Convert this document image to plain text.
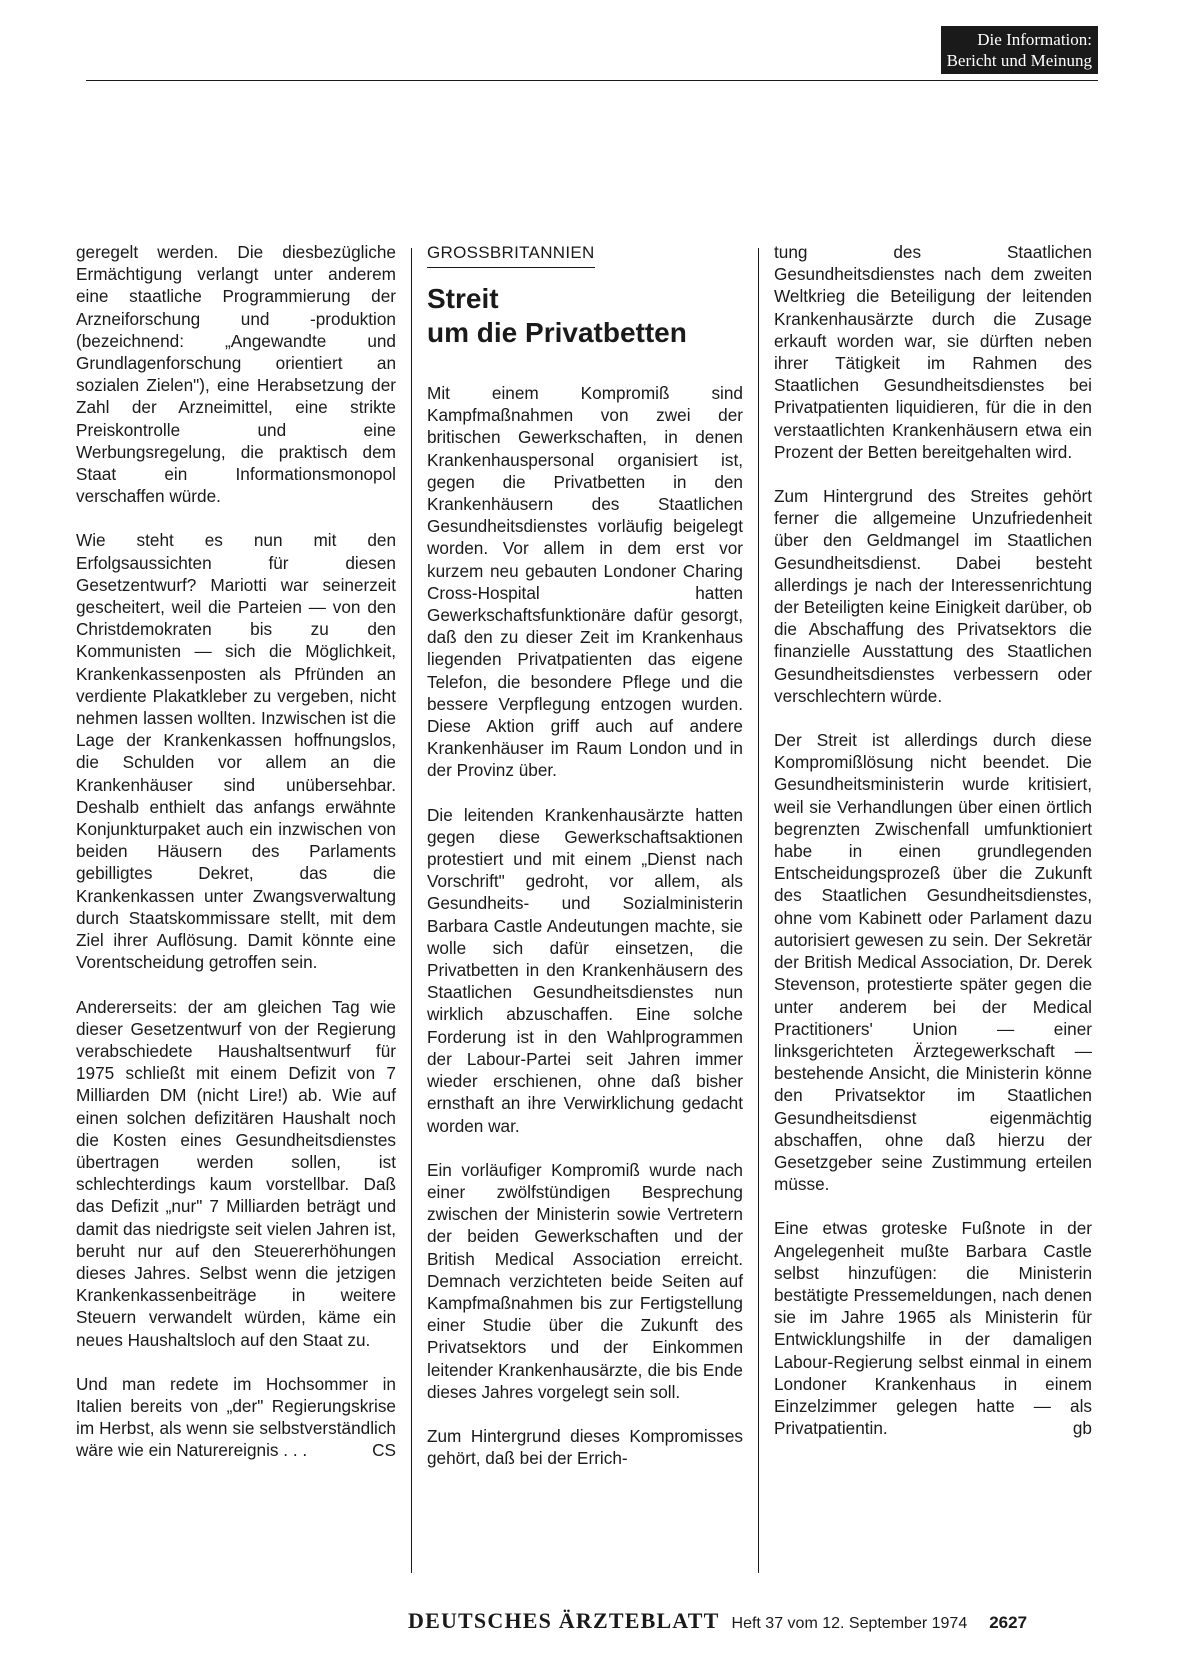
Die Information:
Bericht und Meinung

geregelt werden. Die diesbezügliche Ermächtigung verlangt unter anderem eine staatliche Programmierung der Arzneiforschung und -produktion (bezeichnend: „Angewandte und Grundlagenforschung orientiert an sozialen Zielen"), eine Herabsetzung der Zahl der Arzneimittel, eine strikte Preiskontrolle und eine Werbungsregelung, die praktisch dem Staat ein Informationsmonopol verschaffen würde.

Wie steht es nun mit den Erfolgsaussichten für diesen Gesetzentwurf? Mariotti war seinerzeit gescheitert, weil die Parteien — von den Christdemokraten bis zu den Kommunisten — sich die Möglichkeit, Krankenkassenposten als Pfründen an verdiente Plakatkleber zu vergeben, nicht nehmen lassen wollten. Inzwischen ist die Lage der Krankenkassen hoffnungslos, die Schulden vor allem an die Krankenhäuser sind unübersehbar. Deshalb enthielt das anfangs erwähnte Konjunkturpaket auch ein inzwischen von beiden Häusern des Parlaments gebilligtes Dekret, das die Krankenkassen unter Zwangsverwaltung durch Staatskommissare stellt, mit dem Ziel ihrer Auflösung. Damit könnte eine Vorentscheidung getroffen sein.

Andererseits: der am gleichen Tag wie dieser Gesetzentwurf von der Regierung verabschiedete Haushaltsentwurf für 1975 schließt mit einem Defizit von 7 Milliarden DM (nicht Lire!) ab. Wie auf einen solchen defizitären Haushalt noch die Kosten eines Gesundheitsdienstes übertragen werden sollen, ist schlechterdings kaum vorstellbar. Daß das Defizit „nur" 7 Milliarden beträgt und damit das niedrigste seit vielen Jahren ist, beruht nur auf den Steuererhöhungen dieses Jahres. Selbst wenn die jetzigen Krankenkassenbeiträge in weitere Steuern verwandelt würden, käme ein neues Haushaltsloch auf den Staat zu.

Und man redete im Hochsommer in Italien bereits von „der" Regierungskrise im Herbst, als wenn sie selbstverständlich wäre wie ein Naturereignis . . .	CS

GROSSBRITANNIEN
Streit
um die Privatbetten

Mit einem Kompromiß sind Kampfmaßnahmen von zwei der britischen Gewerkschaften, in denen Krankenhauspersonal organisiert ist, gegen die Privatbetten in den Krankenhäusern des Staatlichen Gesundheitsdienstes vorläufig beigelegt worden. Vor allem in dem erst vor kurzem neu gebauten Londoner Charing Cross-Hospital hatten Gewerkschaftsfunktionäre dafür gesorgt, daß den zu dieser Zeit im Krankenhaus liegenden Privatpatienten das eigene Telefon, die besondere Pflege und die bessere Verpflegung entzogen wurden. Diese Aktion griff auch auf andere Krankenhäuser im Raum London und in der Provinz über.

Die leitenden Krankenhausärzte hatten gegen diese Gewerkschaftsaktionen protestiert und mit einem „Dienst nach Vorschrift" gedroht, vor allem, als Gesundheits- und Sozialministerin Barbara Castle Andeutungen machte, sie wolle sich dafür einsetzen, die Privatbetten in den Krankenhäusern des Staatlichen Gesundheitsdienstes nun wirklich abzuschaffen. Eine solche Forderung ist in den Wahlprogrammen der Labour-Partei seit Jahren immer wieder erschienen, ohne daß bisher ernsthaft an ihre Verwirklichung gedacht worden war.

Ein vorläufiger Kompromiß wurde nach einer zwölfstündigen Besprechung zwischen der Ministerin sowie Vertretern der beiden Gewerkschaften und der British Medical Association erreicht. Demnach verzichteten beide Seiten auf Kampfmaßnahmen bis zur Fertigstellung einer Studie über die Zukunft des Privatsektors und der Einkommen leitender Krankenhausärzte, die bis Ende dieses Jahres vorgelegt sein soll.

Zum Hintergrund dieses Kompromisses gehört, daß bei der Errich-

tung des Staatlichen Gesundheitsdienstes nach dem zweiten Weltkrieg die Beteiligung der leitenden Krankenhausärzte durch die Zusage erkauft worden war, sie dürften neben ihrer Tätigkeit im Rahmen des Staatlichen Gesundheitsdienstes bei Privatpatienten liquidieren, für die in den verstaatlichten Krankenhäusern etwa ein Prozent der Betten bereitgehalten wird.

Zum Hintergrund des Streites gehört ferner die allgemeine Unzufriedenheit über den Geldmangel im Staatlichen Gesundheitsdienst. Dabei besteht allerdings je nach der Interessenrichtung der Beteiligten keine Einigkeit darüber, ob die Abschaffung des Privatsektors die finanzielle Ausstattung des Staatlichen Gesundheitsdienstes verbessern oder verschlechtern würde.

Der Streit ist allerdings durch diese Kompromißlösung nicht beendet. Die Gesundheitsministerin wurde kritisiert, weil sie Verhandlungen über einen örtlich begrenzten Zwischenfall umfunktioniert habe in einen grundlegenden Entscheidungsprozeß über die Zukunft des Staatlichen Gesundheitsdienstes, ohne vom Kabinett oder Parlament dazu autorisiert gewesen zu sein. Der Sekretär der British Medical Association, Dr. Derek Stevenson, protestierte später gegen die unter anderem bei der Medical Practitioners' Union — einer linksgerichteten Ärztegewerkschaft — bestehende Ansicht, die Ministerin könne den Privatsektor im Staatlichen Gesundheitsdienst eigenmächtig abschaffen, ohne daß hierzu der Gesetzgeber seine Zustimmung erteilen müsse.

Eine etwas groteske Fußnote in der Angelegenheit mußte Barbara Castle selbst hinzufügen: die Ministerin bestätigte Pressemeldungen, nach denen sie im Jahre 1965 als Ministerin für Entwicklungshilfe in der damaligen Labour-Regierung selbst einmal in einem Londoner Krankenhaus in einem Einzelzimmer gelegen hatte — als Privatpatientin.	gb

DEUTSCHES ÄRZTEBLATT Heft 37 vom 12. September 1974 2627
